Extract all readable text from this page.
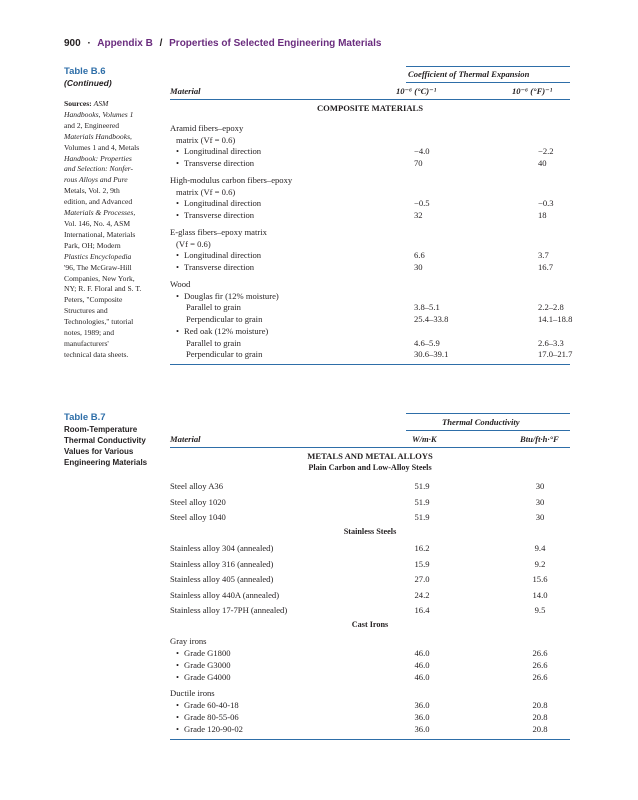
900 · Appendix B / Properties of Selected Engineering Materials
Table B.6
(Continued)
Sources: ASM
Handbooks, Volumes 1
and 2, Engineered
Materials Handbooks,
Volumes 1 and 4, Metals
Handbook: Properties
and Selection: Nonfer-
rous Alloys and Pure
Metals, Vol. 2, 9th
edition, and Advanced
Materials & Processes,
Vol. 146, No. 4, ASM
International, Materials
Park, OH; Modern
Plastics Encyclopedia
'96, The McGraw-Hill
Companies, New York,
NY; R. F. Floral and S. T.
Peters, "Composite
Structures and
Technologies," tutorial
notes, 1989; and
manufacturers'
technical data sheets.
Coefficient of Thermal Expansion
Material	10⁻⁶ (°C)⁻¹	10⁻⁶ (°F)⁻¹
COMPOSITE MATERIALS
Aramid fibers–epoxy
matrix (Vf = 0.6)
• Longitudinal direction	−4.0	−2.2
• Transverse direction	70	40
High-modulus carbon fibers–epoxy
matrix (Vf = 0.6)
• Longitudinal direction	−0.5	−0.3
• Transverse direction	32	18
E-glass fibers–epoxy matrix
(Vf = 0.6)
• Longitudinal direction	6.6	3.7
• Transverse direction	30	16.7
Wood
• Douglas fir (12% moisture)
Parallel to grain	3.8–5.1	2.2–2.8
Perpendicular to grain	25.4–33.8	14.1–18.8
• Red oak (12% moisture)
Parallel to grain	4.6–5.9	2.6–3.3
Perpendicular to grain	30.6–39.1	17.0–21.7
Table B.7
Room-Temperature
Thermal Conductivity
Values for Various
Engineering Materials
Thermal Conductivity
Material	W/m·K	Btu/ft·h·°F
METALS AND METAL ALLOYS
Plain Carbon and Low-Alloy Steels
Steel alloy A36	51.9	30
Steel alloy 1020	51.9	30
Steel alloy 1040	51.9	30
Stainless Steels
Stainless alloy 304 (annealed)	16.2	9.4
Stainless alloy 316 (annealed)	15.9	9.2
Stainless alloy 405 (annealed)	27.0	15.6
Stainless alloy 440A (annealed)	24.2	14.0
Stainless alloy 17-7PH (annealed)	16.4	9.5
Cast Irons
Gray irons
• Grade G1800	46.0	26.6
• Grade G3000	46.0	26.6
• Grade G4000	46.0	26.6
Ductile irons
• Grade 60-40-18	36.0	20.8
• Grade 80-55-06	36.0	20.8
• Grade 120-90-02	36.0	20.8
